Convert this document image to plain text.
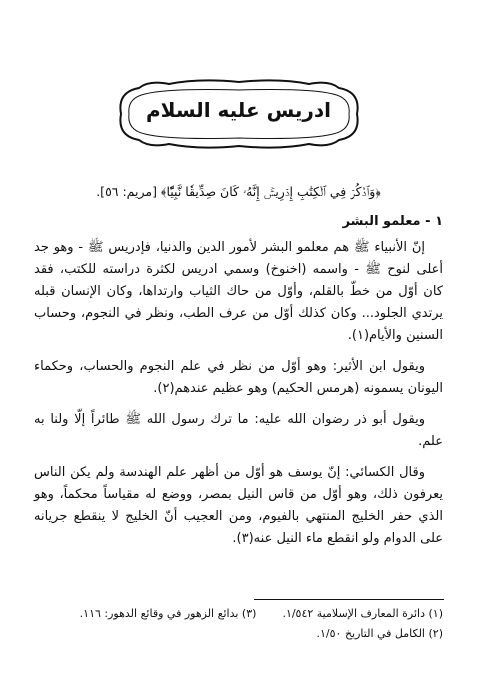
ادريس عليه السلام
﴿وَٱذۡكُرۡ فِي ٱلۡكِتَٰبِ إِدۡرِيسَۚ إِنَّهُۥ كَانَ صِدِّيقٗا نَّبِيّٗا﴾ [مريم: ٥٦].
١ - معلمو البشر

إنّ الأنبياء ﷺ هم معلمو البشر لأمور الدين والدنيا، فإدريس ﷺ - وهو جد أعلى لنوح ﷺ - واسمه (اخنوخ) وسمي ادريس لكثرة دراسته للكتب، فقد كان أوّل من خطّ بالقلم، وأوّل من حاك الثياب وارتداها، وكان الإنسان قبله يرتدي الجلود... وكان كذلك أوّل من عرف الطب، ونظر في النجوم، وحساب السنين والأيام(١).

ويقول ابن الأثير: وهو أوّل من نظر في علم النجوم والحساب، وحكماء اليونان يسمونه (هرمس الحكيم) وهو عظيم عندهم(٢).

ويقول أبو ذر رضوان الله عليه: ما ترك رسول الله ﷺ طائراً إلّا ولنا به علم.

وقال الكسائي: إنّ يوسف هو أوّل من أظهر علم الهندسة ولم يكن الناس يعرفون ذلك، وهو أوّل من قاس النيل بمصر، ووضع له مقياساً محكماً، وهو الذي حفر الخليج المنتهي بالفيوم، ومن العجيب أنّ الخليج لا ينقطع جريانه على الدوام ولو انقطع ماء النيل عنه(٣).

(١) دائرة المعارف الإسلامية ١/٥٤٢.
(٣) بدائع الزهور في وقائع الدهور: ١١٦.
(٢) الكامل في التاريخ ١/٥٠.
